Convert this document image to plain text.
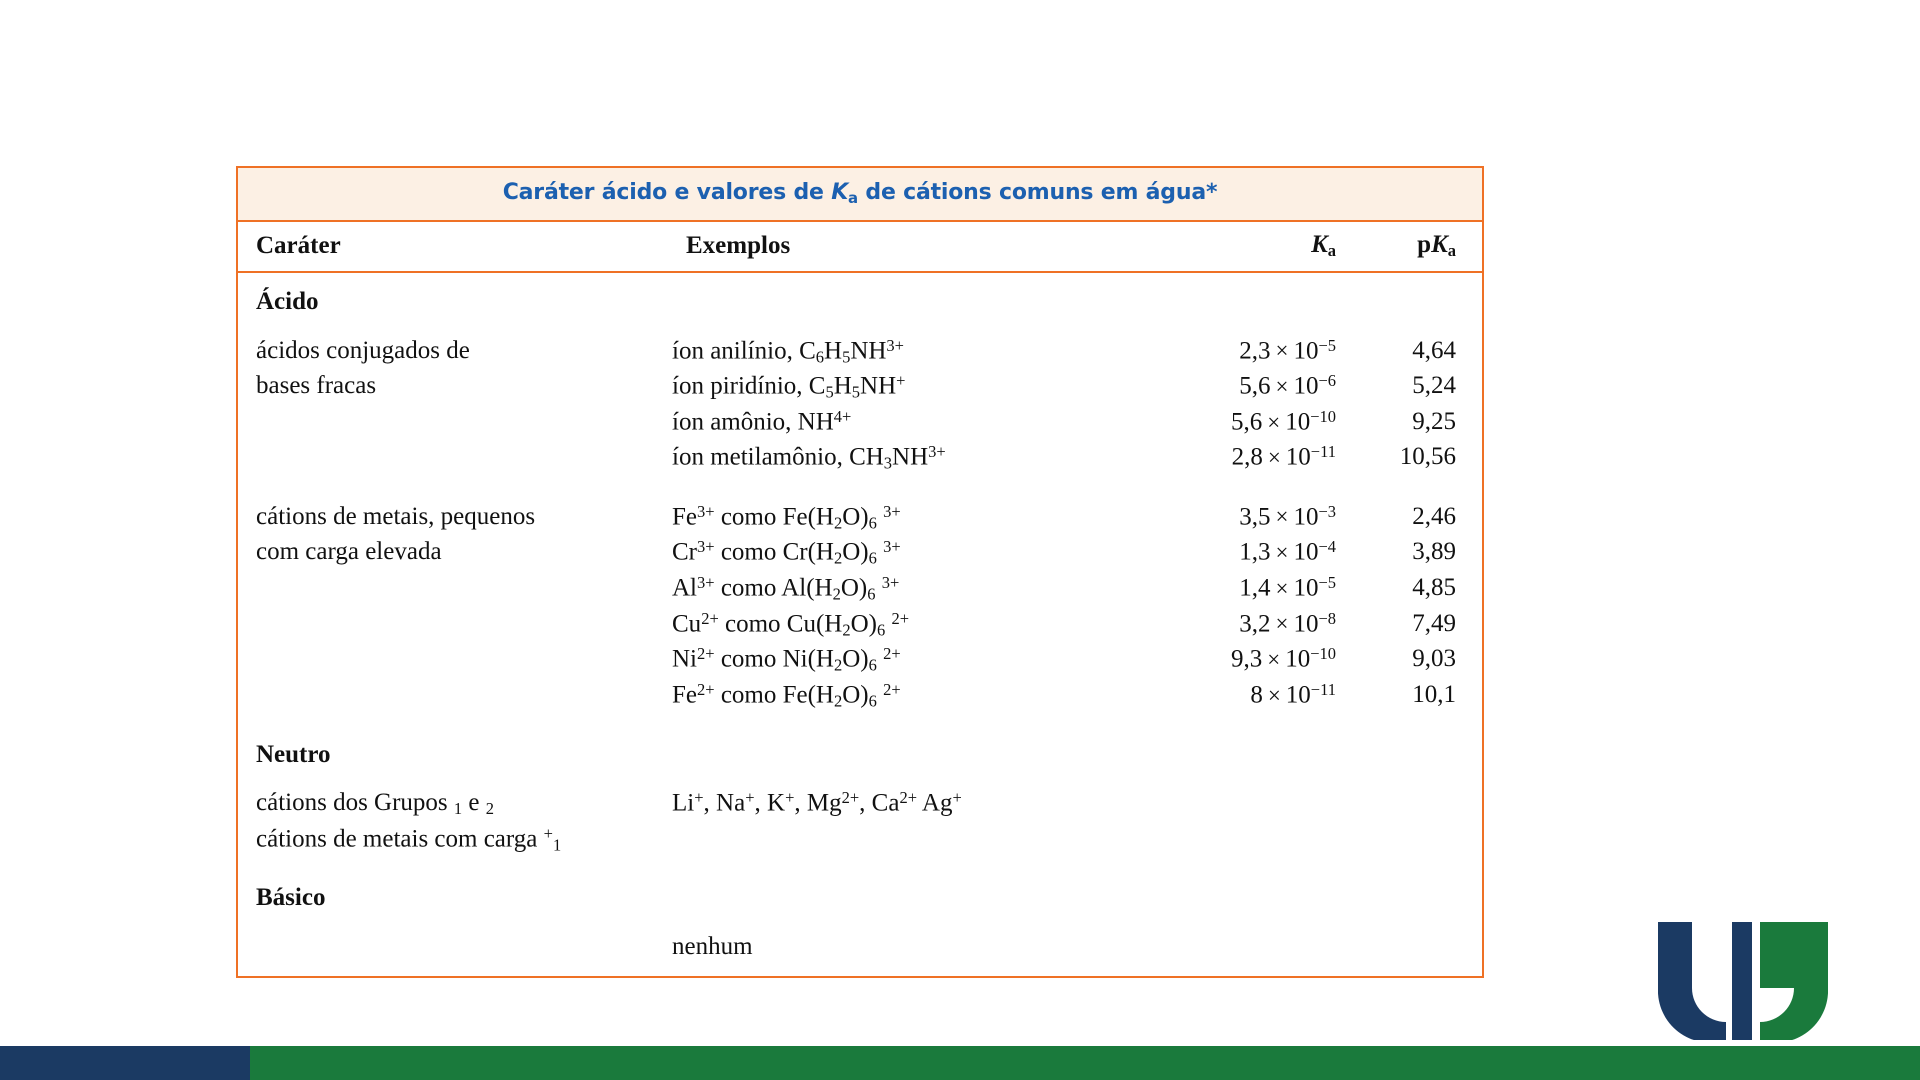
Caráter ácido e valores de $K_a$ de cátions comuns em água*
Caráter	Exemplos	Ka	pKa
Ácido			
ácidos conjugados de	íon anilínio, $C6H5NH^{3+}$	$2,3 \times 10^{-5}$	4,64
bases fracas	íon piridínio, C5H5NH+	$5,6 \times 10^{-6}$	5,24
	íon amônio, $NH^{4+}$	$5,6 \times 10^{-10}$	9,25
	íon metilamônio, $CH3NH^{3+}$	$2,8 \times 10^{-11}$	10,56
cátions de metais, pequenos	$Fe^{3+}$ como Fe(H2O)6 $^{3+}$	$3,5 \times 10^{-3}$	2,46
com carga elevada	$Cr^{3+}$ como Cr(H2O)6 $^{3+}$	$1,3 \times 10^{-4}$	3,89
	$Al^{3+}$ como Al(H2O)6 $^{3+}$	$1,4 \times 10^{-5}$	4,85
	$Cu^{2+}$ como Cu(H2O)6 $^{2+}$	$3,2 \times 10^{-8}$	7,49
	$Ni^{2+}$ como Ni(H2O)6 $^{2+}$	$9,3 \times 10^{-10}$	9,03
	$Fe^{2+}$ como Fe(H2O)6 $^{2+}$	$8 \times 10^{-11}$	10,1
Neutro			
cátions dos Grupos 1 e 2	Li+, Na+, K+, $Mg^{2+}$, $Ca^{2+}$ Ag+		
cátions de metais com carga +1			
Básico			
	nenhum		
